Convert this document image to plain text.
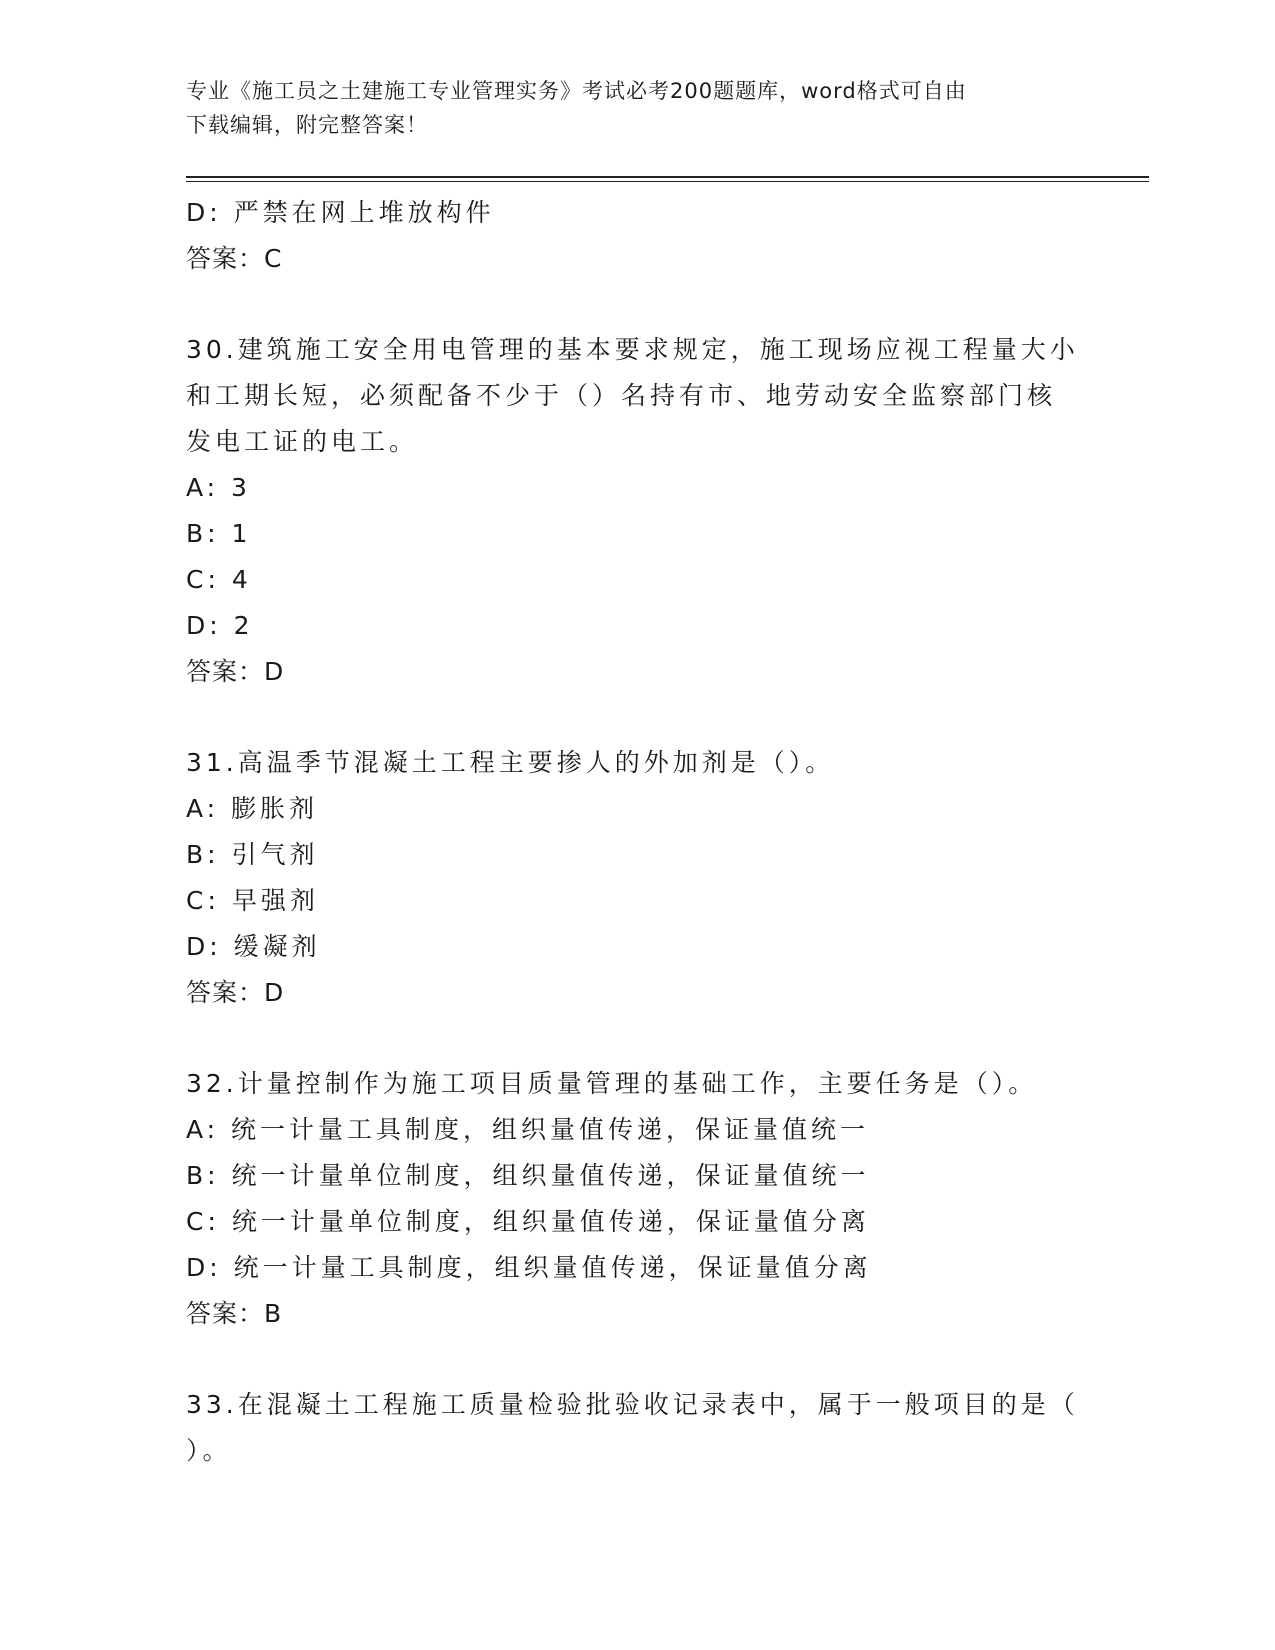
专业《施工员之土建施工专业管理实务》考试必考200题题库，word格式可自由
下载编辑，附完整答案！
D: 严禁在网上堆放构件
答案：C
30.建筑施工安全用电管理的基本要求规定，施工现场应视工程量大小
和工期长短，必须配备不少于（）名持有市、地劳动安全监察部门核
发电工证的电工。
A: 3
B: 1
C: 4
D: 2
答案：D
31.高温季节混凝土工程主要掺人的外加剂是（）。
A: 膨胀剂
B: 引气剂
C: 早强剂
D: 缓凝剂
答案：D
32.计量控制作为施工项目质量管理的基础工作，主要任务是（）。
A: 统一计量工具制度，组织量值传递，保证量值统一
B: 统一计量单位制度，组织量值传递，保证量值统一
C: 统一计量单位制度，组织量值传递，保证量值分离
D: 统一计量工具制度，组织量值传递，保证量值分离
答案：B
33.在混凝土工程施工质量检验批验收记录表中，属于一般项目的是（
）。
